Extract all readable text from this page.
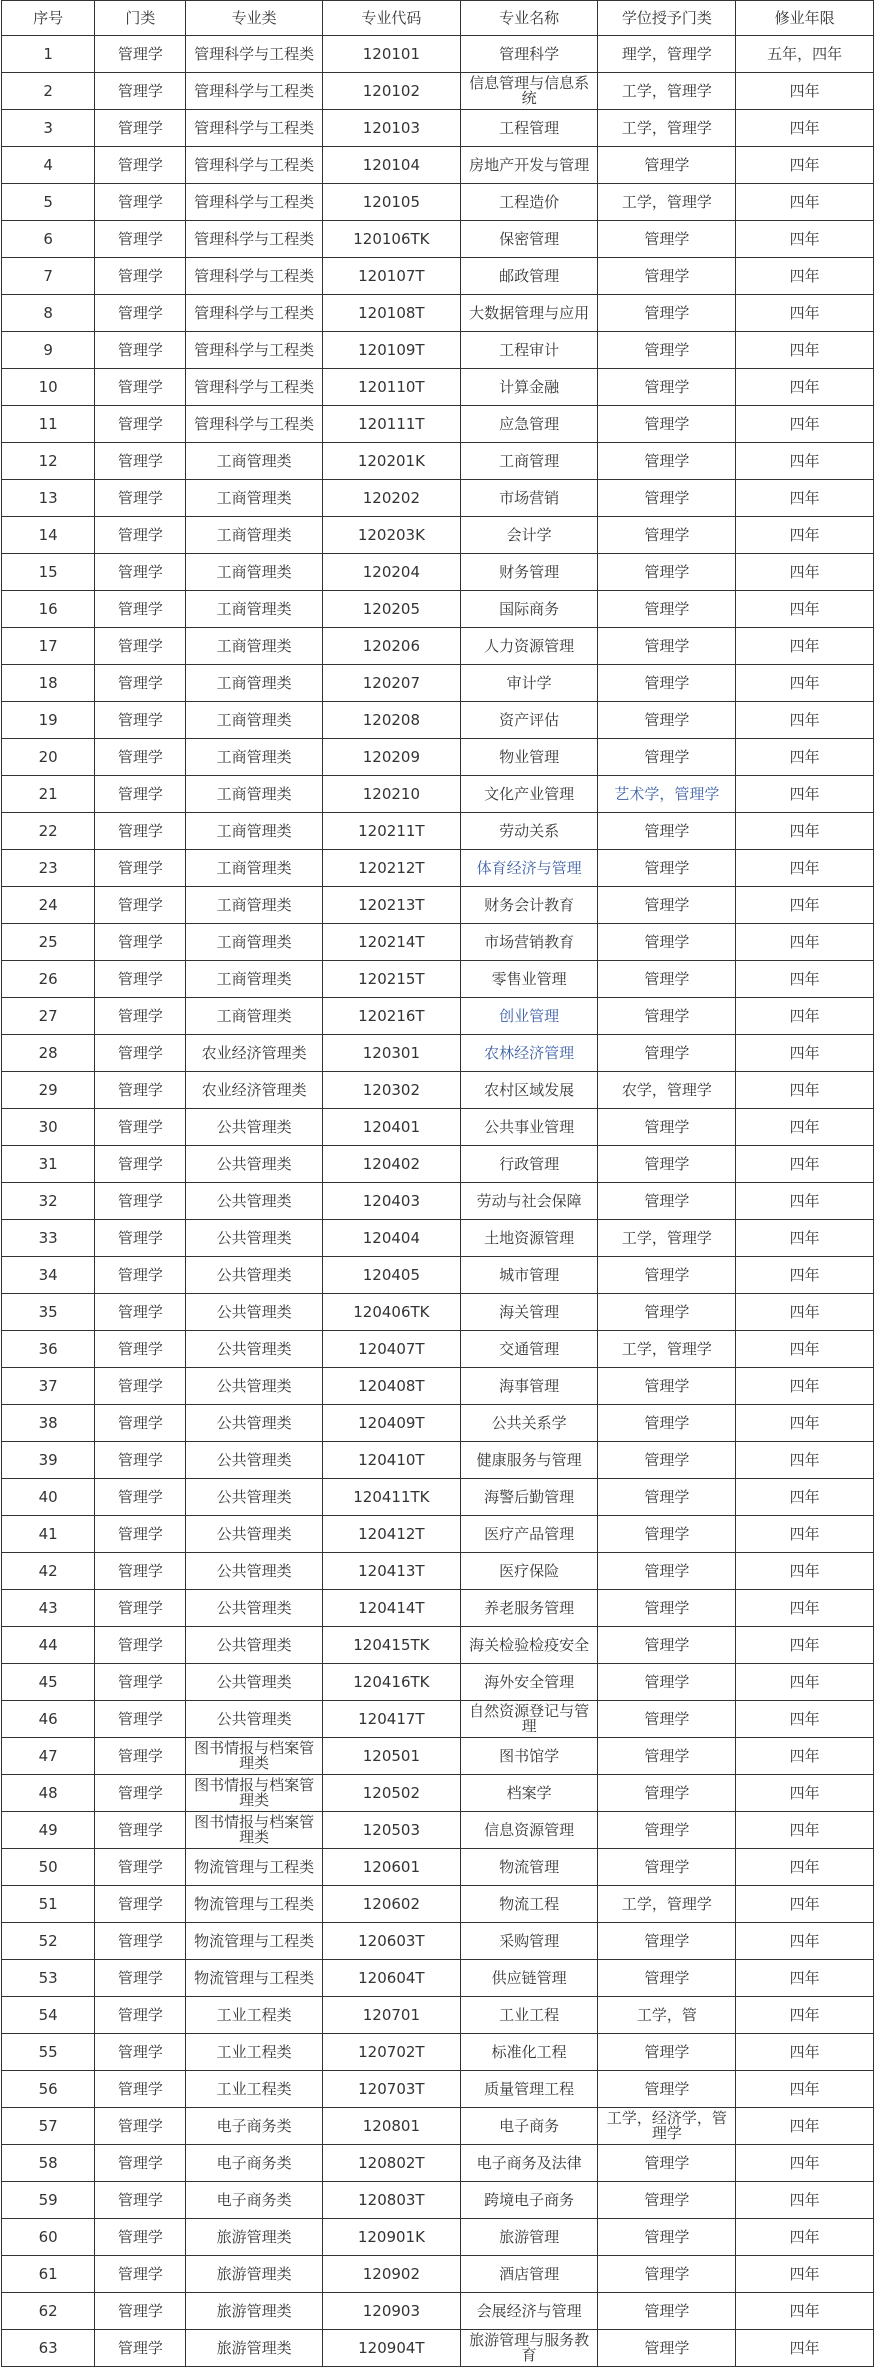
序号	门类	专业类	专业代码	专业名称	学位授予门类	修业年限
1	管理学	管理科学与工程类	120101	管理科学	理学，管理学	五年，四年
2	管理学	管理科学与工程类	120102	信息管理与信息系统	工学，管理学	四年
3	管理学	管理科学与工程类	120103	工程管理	工学，管理学	四年
4	管理学	管理科学与工程类	120104	房地产开发与管理	管理学	四年
5	管理学	管理科学与工程类	120105	工程造价	工学，管理学	四年
6	管理学	管理科学与工程类	120106TK	保密管理	管理学	四年
7	管理学	管理科学与工程类	120107T	邮政管理	管理学	四年
8	管理学	管理科学与工程类	120108T	大数据管理与应用	管理学	四年
9	管理学	管理科学与工程类	120109T	工程审计	管理学	四年
10	管理学	管理科学与工程类	120110T	计算金融	管理学	四年
11	管理学	管理科学与工程类	120111T	应急管理	管理学	四年
12	管理学	工商管理类	120201K	工商管理	管理学	四年
13	管理学	工商管理类	120202	市场营销	管理学	四年
14	管理学	工商管理类	120203K	会计学	管理学	四年
15	管理学	工商管理类	120204	财务管理	管理学	四年
16	管理学	工商管理类	120205	国际商务	管理学	四年
17	管理学	工商管理类	120206	人力资源管理	管理学	四年
18	管理学	工商管理类	120207	审计学	管理学	四年
19	管理学	工商管理类	120208	资产评估	管理学	四年
20	管理学	工商管理类	120209	物业管理	管理学	四年
21	管理学	工商管理类	120210	文化产业管理	艺术学，管理学	四年
22	管理学	工商管理类	120211T	劳动关系	管理学	四年
23	管理学	工商管理类	120212T	体育经济与管理	管理学	四年
24	管理学	工商管理类	120213T	财务会计教育	管理学	四年
25	管理学	工商管理类	120214T	市场营销教育	管理学	四年
26	管理学	工商管理类	120215T	零售业管理	管理学	四年
27	管理学	工商管理类	120216T	创业管理	管理学	四年
28	管理学	农业经济管理类	120301	农林经济管理	管理学	四年
29	管理学	农业经济管理类	120302	农村区域发展	农学，管理学	四年
30	管理学	公共管理类	120401	公共事业管理	管理学	四年
31	管理学	公共管理类	120402	行政管理	管理学	四年
32	管理学	公共管理类	120403	劳动与社会保障	管理学	四年
33	管理学	公共管理类	120404	土地资源管理	工学，管理学	四年
34	管理学	公共管理类	120405	城市管理	管理学	四年
35	管理学	公共管理类	120406TK	海关管理	管理学	四年
36	管理学	公共管理类	120407T	交通管理	工学，管理学	四年
37	管理学	公共管理类	120408T	海事管理	管理学	四年
38	管理学	公共管理类	120409T	公共关系学	管理学	四年
39	管理学	公共管理类	120410T	健康服务与管理	管理学	四年
40	管理学	公共管理类	120411TK	海警后勤管理	管理学	四年
41	管理学	公共管理类	120412T	医疗产品管理	管理学	四年
42	管理学	公共管理类	120413T	医疗保险	管理学	四年
43	管理学	公共管理类	120414T	养老服务管理	管理学	四年
44	管理学	公共管理类	120415TK	海关检验检疫安全	管理学	四年
45	管理学	公共管理类	120416TK	海外安全管理	管理学	四年
46	管理学	公共管理类	120417T	自然资源登记与管理	管理学	四年
47	管理学	图书情报与档案管理类	120501	图书馆学	管理学	四年
48	管理学	图书情报与档案管理类	120502	档案学	管理学	四年
49	管理学	图书情报与档案管理类	120503	信息资源管理	管理学	四年
50	管理学	物流管理与工程类	120601	物流管理	管理学	四年
51	管理学	物流管理与工程类	120602	物流工程	工学，管理学	四年
52	管理学	物流管理与工程类	120603T	采购管理	管理学	四年
53	管理学	物流管理与工程类	120604T	供应链管理	管理学	四年
54	管理学	工业工程类	120701	工业工程	工学，管	四年
55	管理学	工业工程类	120702T	标准化工程	管理学	四年
56	管理学	工业工程类	120703T	质量管理工程	管理学	四年
57	管理学	电子商务类	120801	电子商务	工学，经济学，管理学	四年
58	管理学	电子商务类	120802T	电子商务及法律	管理学	四年
59	管理学	电子商务类	120803T	跨境电子商务	管理学	四年
60	管理学	旅游管理类	120901K	旅游管理	管理学	四年
61	管理学	旅游管理类	120902	酒店管理	管理学	四年
62	管理学	旅游管理类	120903	会展经济与管理	管理学	四年
63	管理学	旅游管理类	120904T	旅游管理与服务教育	管理学	四年
